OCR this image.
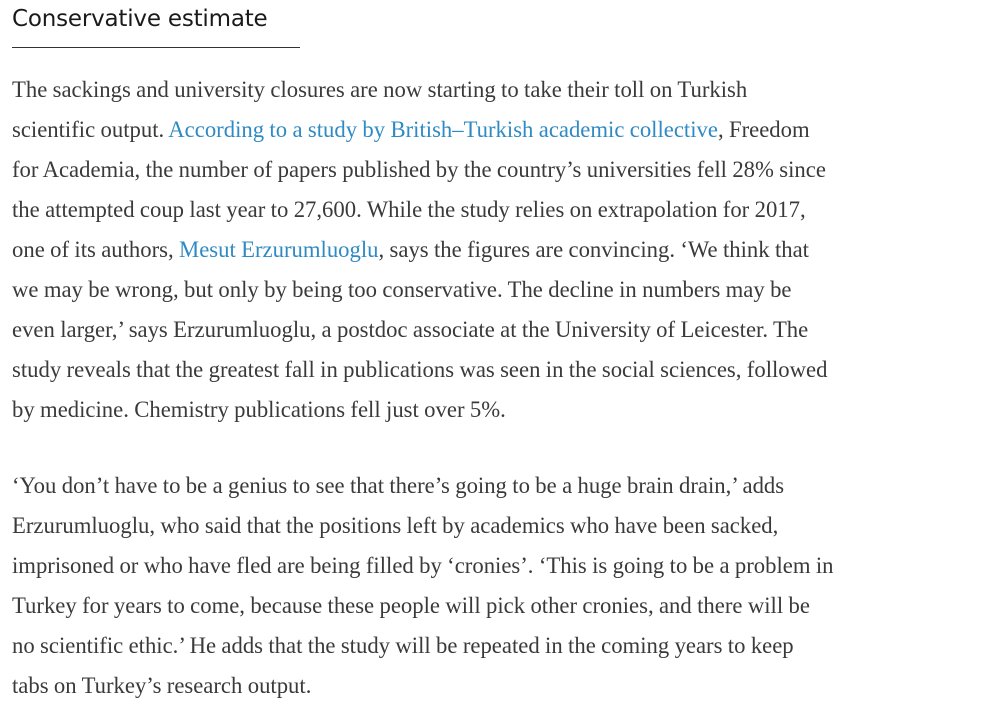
Conservative estimate

The sackings and university closures are now starting to take their toll on Turkish
scientific output. According to a study by British–Turkish academic collective, Freedom
for Academia, the number of papers published by the country’s universities fell 28% since
the attempted coup last year to 27,600. While the study relies on extrapolation for 2017,
one of its authors, Mesut Erzurumluoglu, says the figures are convincing. ‘We think that
we may be wrong, but only by being too conservative. The decline in numbers may be
even larger,’ says Erzurumluoglu, a postdoc associate at the University of Leicester. The
study reveals that the greatest fall in publications was seen in the social sciences, followed
by medicine. Chemistry publications fell just over 5%.

‘You don’t have to be a genius to see that there’s going to be a huge brain drain,’ adds
Erzurumluoglu, who said that the positions left by academics who have been sacked,
imprisoned or who have fled are being filled by ‘cronies’. ‘This is going to be a problem in
Turkey for years to come, because these people will pick other cronies, and there will be
no scientific ethic.’ He adds that the study will be repeated in the coming years to keep
tabs on Turkey’s research output.
